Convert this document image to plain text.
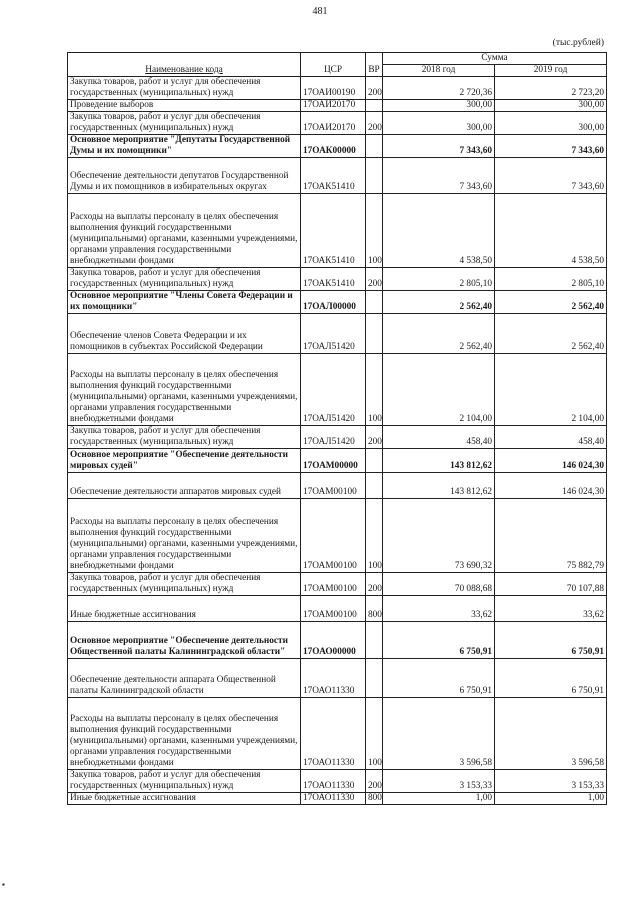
481
(тыс.рублей)
Наименование кода	ЦСР	ВР	Сумма	
			2018 год	2019 год
Закупка товаров, работ и услуг для обеспечения государственных (муниципальных) нужд	17ОАИ00190	200	2 720,36	2 723,20
Проведение выборов	17ОАИ20170		300,00	300,00
Закупка товаров, работ и услуг для обеспечения государственных (муниципальных) нужд	17ОАИ20170	200	300,00	300,00
Основное мероприятие "Депутаты Государственной Думы и их помощники"	17ОАК00000		7 343,60	7 343,60
Обеспечение деятельности депутатов Государственной Думы и их помощников в избирательных округах	17ОАК51410		7 343,60	7 343,60
Расходы на выплаты персоналу в целях обеспечения выполнения функций государственными (муниципальными) органами, казенными учреждениями, органами управления государственными внебюджетными фондами	17ОАК51410	100	4 538,50	4 538,50
Закупка товаров, работ и услуг для обеспечения государственных (муниципальных) нужд	17ОАК51410	200	2 805,10	2 805,10
Основное мероприятие "Члены Совета Федерации и их помощники"	17ОАЛ00000		2 562,40	2 562,40
Обеспечение членов Совета Федерации и их помощников в субъектах Российской Федерации	17ОАЛ51420		2 562,40	2 562,40
Расходы на выплаты персоналу в целях обеспечения выполнения функций государственными (муниципальными) органами, казенными учреждениями, органами управления государственными внебюджетными фондами	17ОАЛ51420	100	2 104,00	2 104,00
Закупка товаров, работ и услуг для обеспечения государственных (муниципальных) нужд	17ОАЛ51420	200	458,40	458,40
Основное мероприятие "Обеспечение деятельности мировых судей"	17ОАМ00000		143 812,62	146 024,30
Обеспечение деятельности аппаратов мировых судей	17ОАМ00100		143 812,62	146 024,30
Расходы на выплаты персоналу в целях обеспечения выполнения функций государственными (муниципальными) органами, казенными учреждениями, органами управления государственными внебюджетными фондами	17ОАМ00100	100	73 690,32	75 882,79
Закупка товаров, работ и услуг для обеспечения государственных (муниципальных) нужд	17ОАМ00100	200	70 088,68	70 107,88
Иные бюджетные ассигнования	17ОАМ00100	800	33,62	33,62
Основное мероприятие "Обеспечение деятельности Общественной палаты Калининградской области"	17ОАО00000		6 750,91	6 750,91
Обеспечение деятельности аппарата Общественной палаты Калининградской области	17ОАО11330		6 750,91	6 750,91
Расходы на выплаты персоналу в целях обеспечения выполнения функций государственными (муниципальными) органами, казенными учреждениями, органами управления государственными внебюджетными фондами	17ОАО11330	100	3 596,58	3 596,58
Закупка товаров, работ и услуг для обеспечения государственных (муниципальных) нужд	17ОАО11330	200	3 153,33	3 153,33
Иные бюджетные ассигнования	17ОАО11330	800	1,00	1,00
▪
